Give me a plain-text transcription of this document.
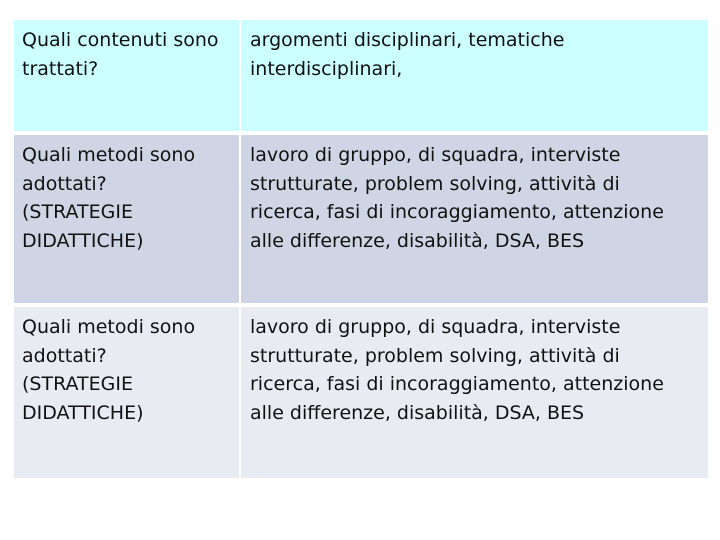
Quali contenuti sono
trattati?
argomenti disciplinari, tematiche
interdisciplinari,
Quali metodi sono
adottati?
(STRATEGIE
DIDATTICHE)
lavoro di gruppo, di squadra, interviste
strutturate, problem solving, attività di
ricerca, fasi di incoraggiamento, attenzione
alle differenze, disabilità, DSA, BES
Quali metodi sono
adottati?
(STRATEGIE
DIDATTICHE)
lavoro di gruppo, di squadra, interviste
strutturate, problem solving, attività di
ricerca, fasi di incoraggiamento, attenzione
alle differenze, disabilità, DSA, BES
